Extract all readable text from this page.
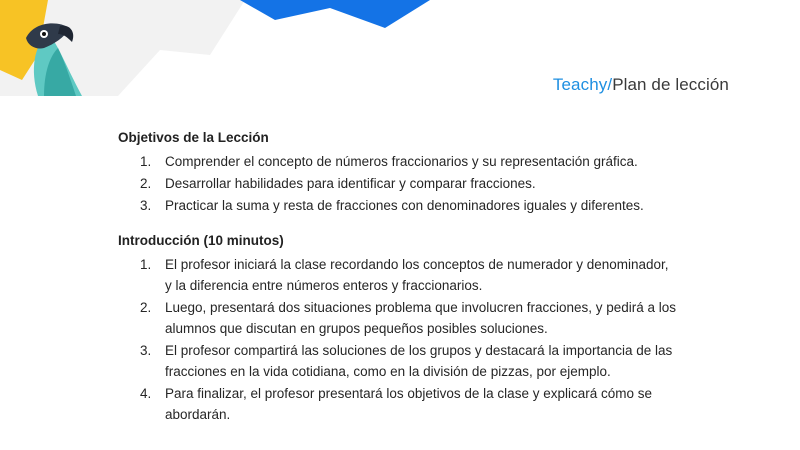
Teachy/Plan de lección
Objetivos de la Lección
1. Comprender el concepto de números fraccionarios y su representación gráfica.
2. Desarrollar habilidades para identificar y comparar fracciones.
3. Practicar la suma y resta de fracciones con denominadores iguales y diferentes.
Introducción (10 minutos)
1. El profesor iniciará la clase recordando los conceptos de numerador y denominador, y la diferencia entre números enteros y fraccionarios.
2. Luego, presentará dos situaciones problema que involucren fracciones, y pedirá a los alumnos que discutan en grupos pequeños posibles soluciones.
3. El profesor compartirá las soluciones de los grupos y destacará la importancia de las fracciones en la vida cotidiana, como en la división de pizzas, por ejemplo.
4. Para finalizar, el profesor presentará los objetivos de la clase y explicará cómo se abordarán.
